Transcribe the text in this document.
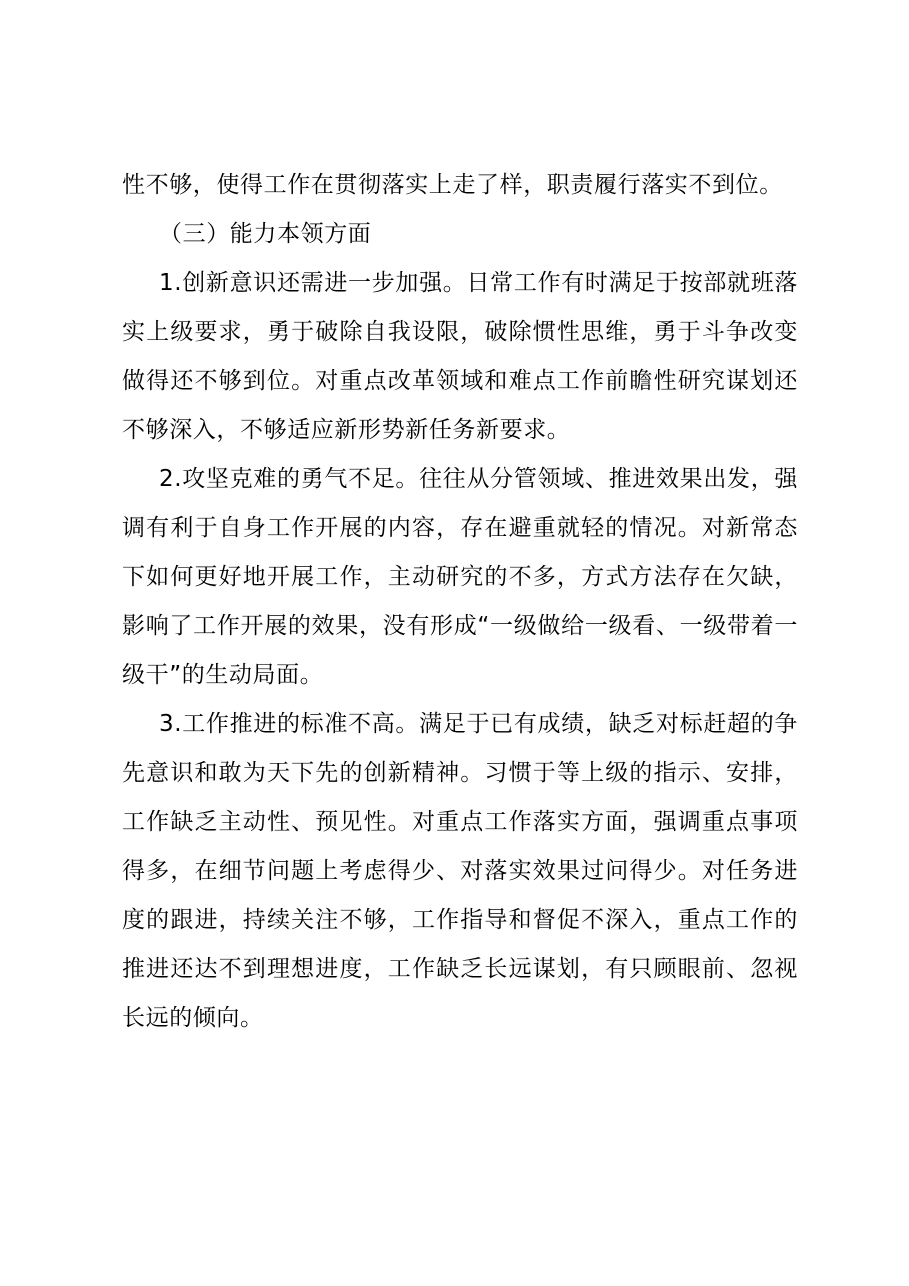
性不够，使得工作在贯彻落实上走了样，职责履行落实不到位。

（三）能力本领方面

1.创新意识还需进一步加强。日常工作有时满足于按部就班落实上级要求，勇于破除自我设限，破除惯性思维，勇于斗争改变做得还不够到位。对重点改革领域和难点工作前瞻性研究谋划还不够深入，不够适应新形势新任务新要求。

2.攻坚克难的勇气不足。往往从分管领域、推进效果出发，强调有利于自身工作开展的内容，存在避重就轻的情况。对新常态下如何更好地开展工作，主动研究的不多，方式方法存在欠缺，影响了工作开展的效果，没有形成“一级做给一级看、一级带着一级干”的生动局面。

3.工作推进的标准不高。满足于已有成绩，缺乏对标赶超的争先意识和敢为天下先的创新精神。习惯于等上级的指示、安排，工作缺乏主动性、预见性。对重点工作落实方面，强调重点事项得多，在细节问题上考虑得少、对落实效果过问得少。对任务进度的跟进，持续关注不够，工作指导和督促不深入，重点工作的推进还达不到理想进度，工作缺乏长远谋划，有只顾眼前、忽视长远的倾向。
